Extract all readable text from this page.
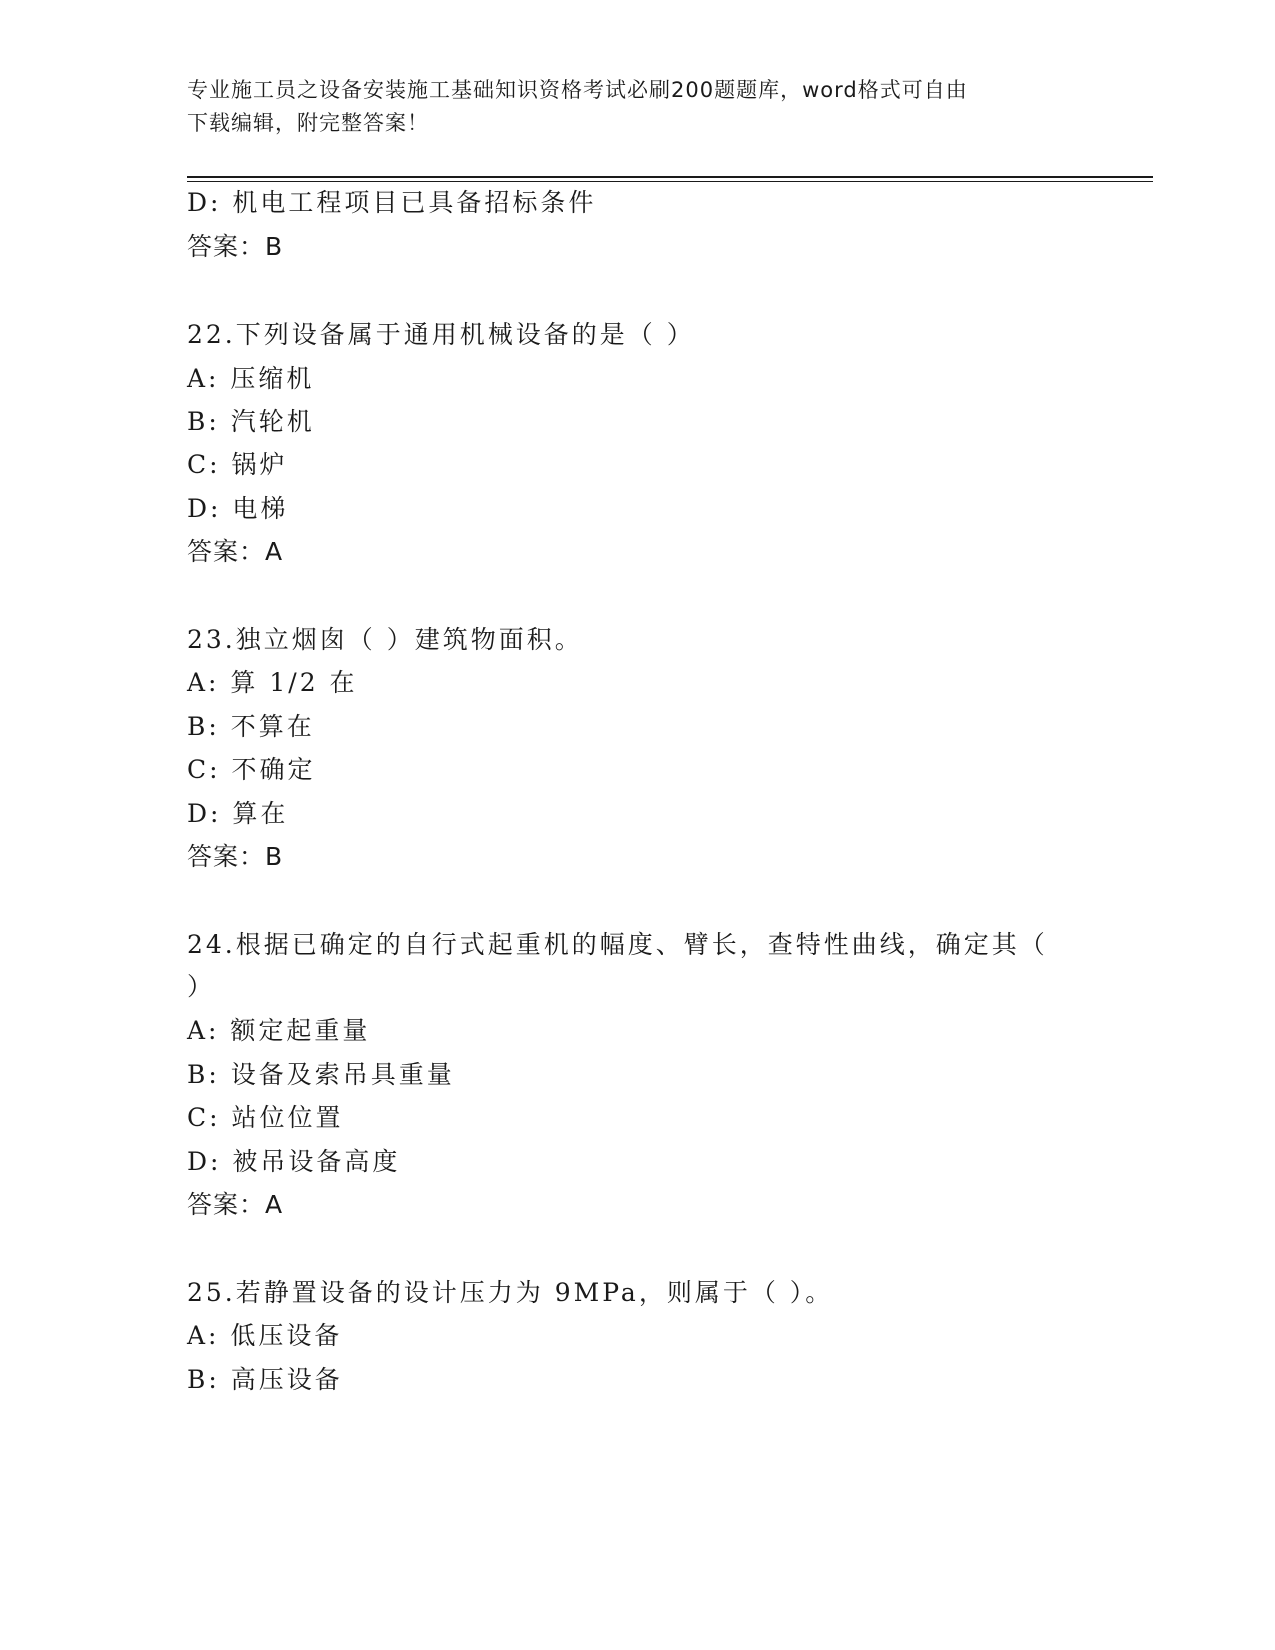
专业施工员之设备安装施工基础知识资格考试必刷200题题库，word格式可自由
下载编辑，附完整答案！
D: 机电工程项目已具备招标条件
答案：B
22.下列设备属于通用机械设备的是（ ）
A: 压缩机
B: 汽轮机
C: 锅炉
D: 电梯
答案：A
23.独立烟囱（ ）建筑物面积。
A: 算 1/2 在
B: 不算在
C: 不确定
D: 算在
答案：B
24.根据已确定的自行式起重机的幅度、臂长，查特性曲线，确定其（
）
A: 额定起重量
B: 设备及索吊具重量
C: 站位位置
D: 被吊设备高度
答案：A
25.若静置设备的设计压力为 9MPa，则属于（ ）。
A: 低压设备
B: 高压设备
